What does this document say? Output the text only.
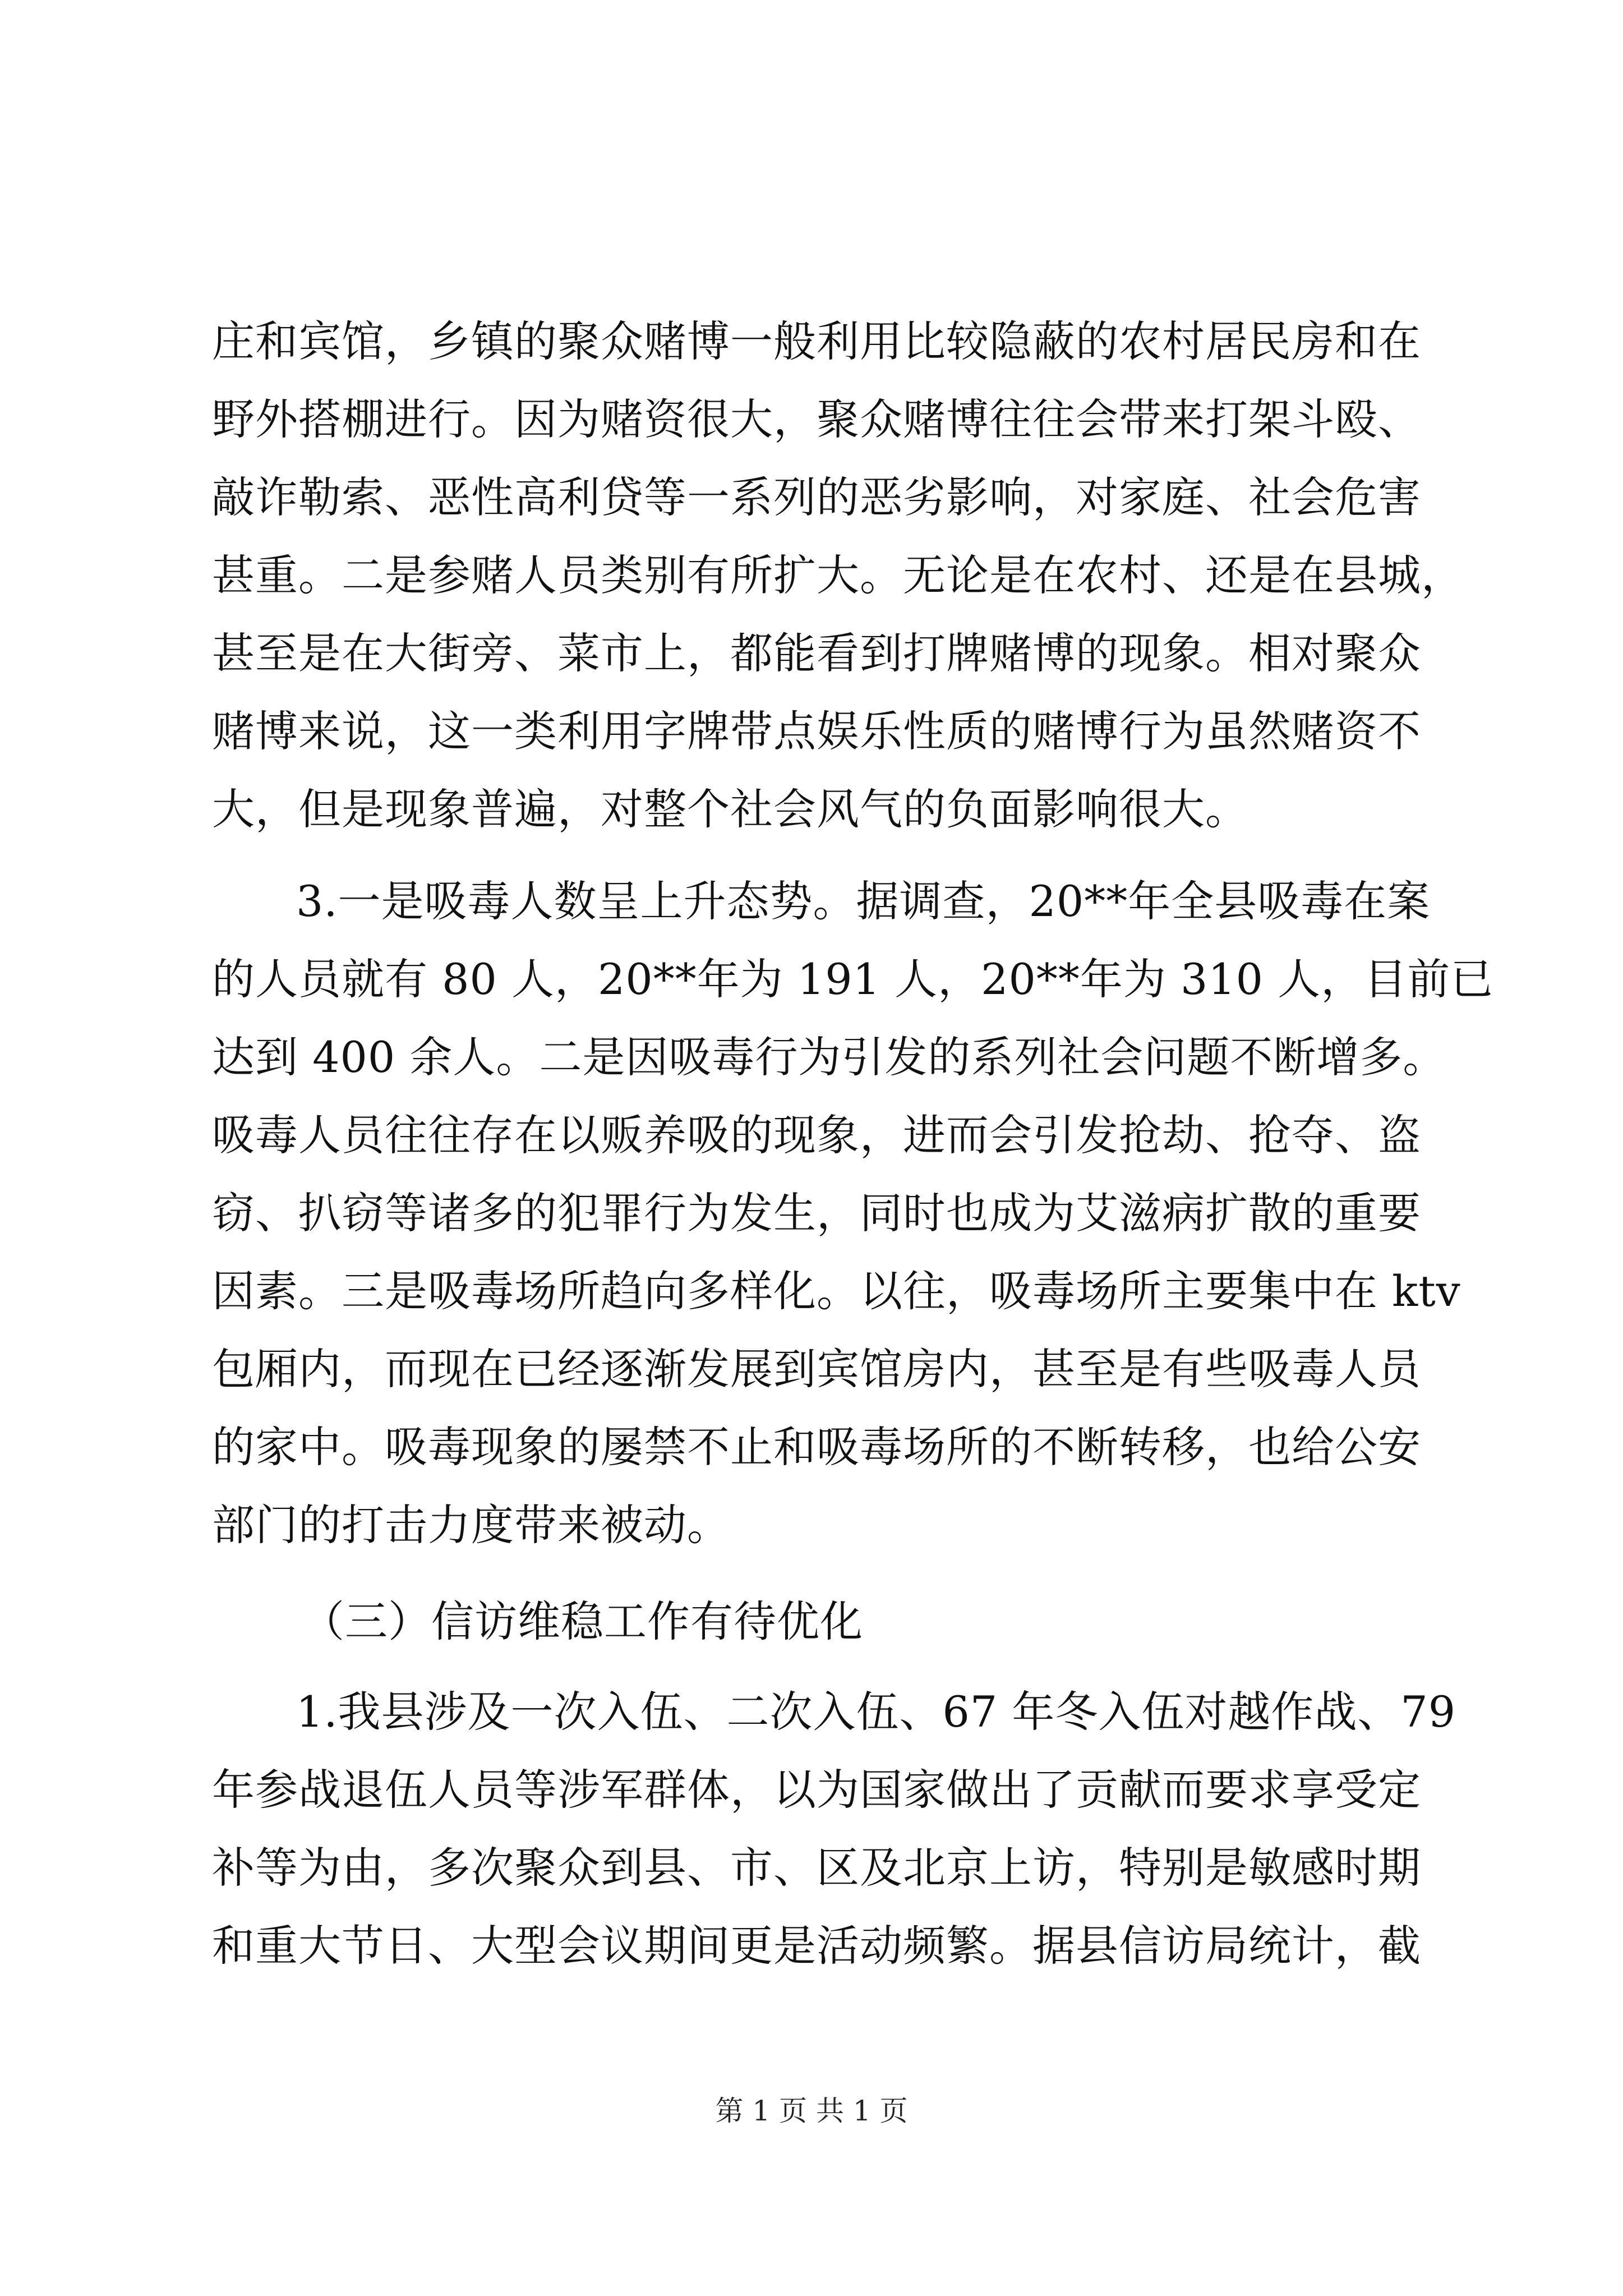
庄和宾馆，乡镇的聚众赌博一般利用比较隐蔽的农村居民房和在
野外搭棚进行。因为赌资很大，聚众赌博往往会带来打架斗殴、
敲诈勒索、恶性高利贷等一系列的恶劣影响，对家庭、社会危害
甚重。二是参赌人员类别有所扩大。无论是在农村、还是在县城，
甚至是在大街旁、菜市上，都能看到打牌赌博的现象。相对聚众
赌博来说，这一类利用字牌带点娱乐性质的赌博行为虽然赌资不
大，但是现象普遍，对整个社会风气的负面影响很大。
3.一是吸毒人数呈上升态势。据调查，20**年全县吸毒在案
的人员就有 80 人，20**年为 191 人，20**年为 310 人，目前已
达到 400 余人。二是因吸毒行为引发的系列社会问题不断增多。
吸毒人员往往存在以贩养吸的现象，进而会引发抢劫、抢夺、盗
窃、扒窃等诸多的犯罪行为发生，同时也成为艾滋病扩散的重要
因素。三是吸毒场所趋向多样化。以往，吸毒场所主要集中在 ktv
包厢内，而现在已经逐渐发展到宾馆房内，甚至是有些吸毒人员
的家中。吸毒现象的屡禁不止和吸毒场所的不断转移，也给公安
部门的打击力度带来被动。
（三）信访维稳工作有待优化
1.我县涉及一次入伍、二次入伍、67 年冬入伍对越作战、79
年参战退伍人员等涉军群体，以为国家做出了贡献而要求享受定
补等为由，多次聚众到县、市、区及北京上访，特别是敏感时期
和重大节日、大型会议期间更是活动频繁。据县信访局统计，截
第 1 页 共 1 页
